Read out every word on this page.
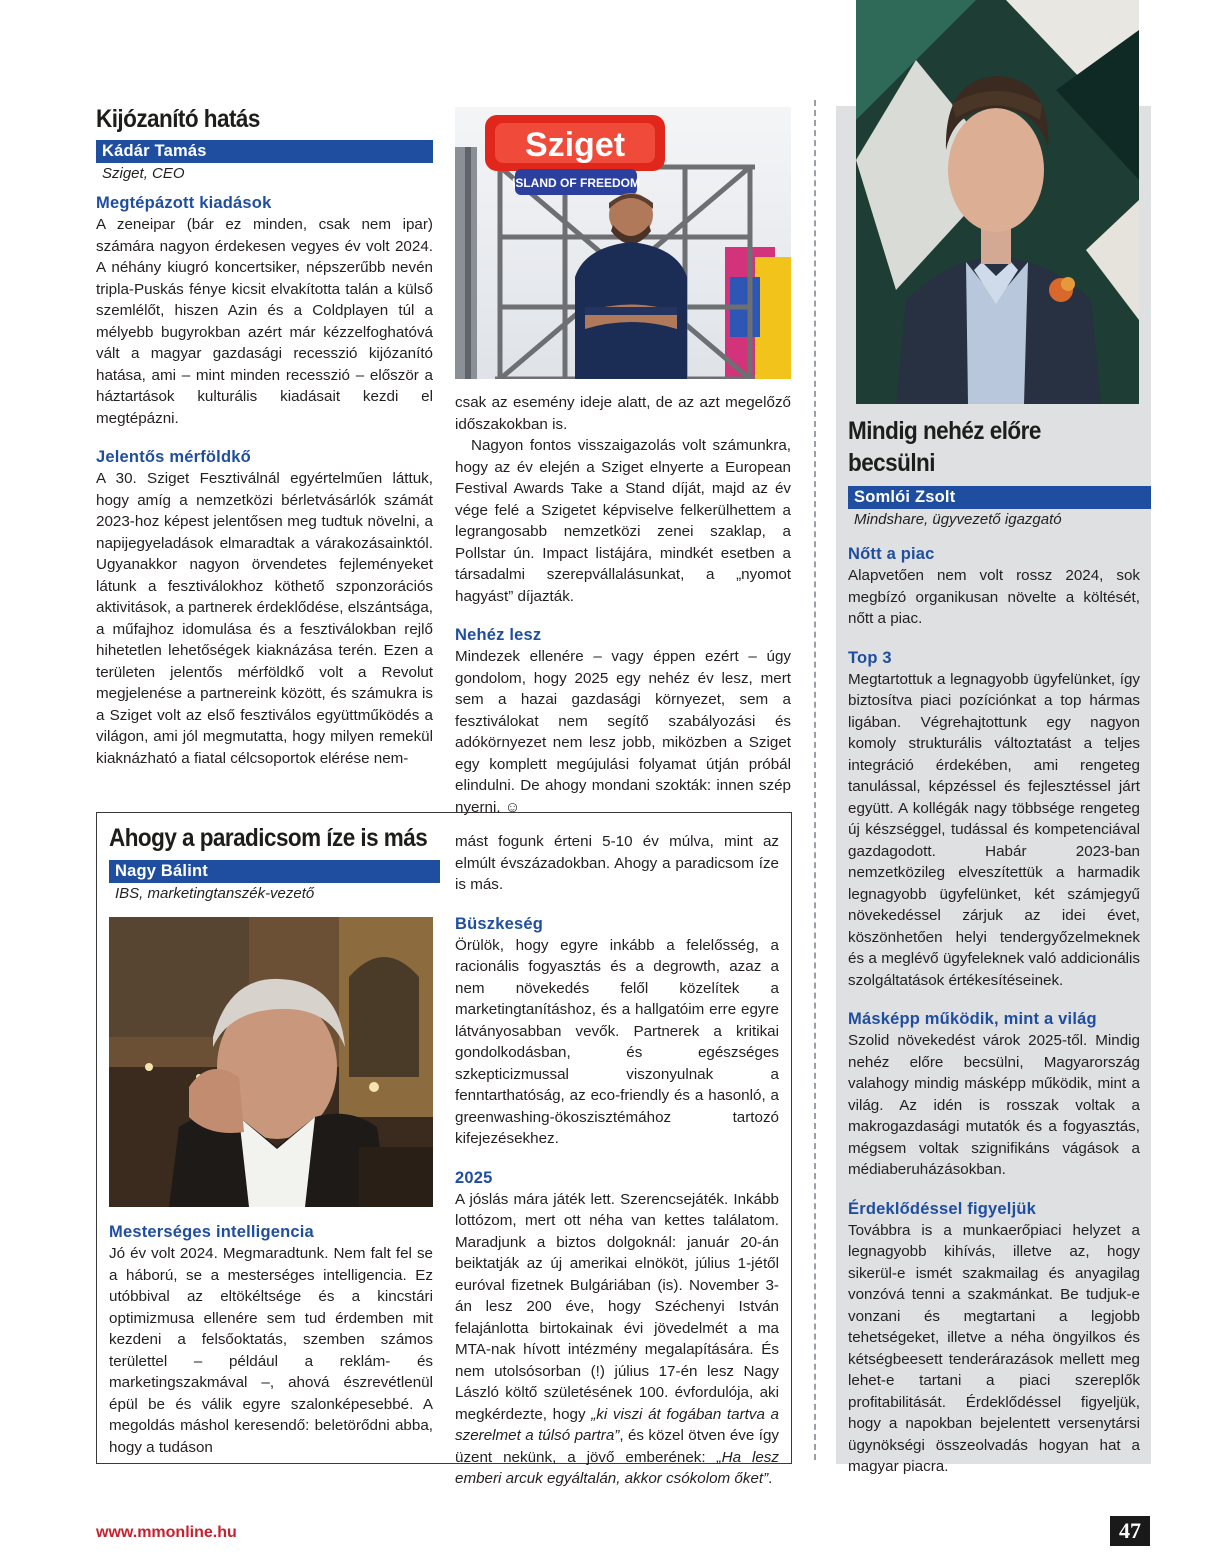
Kijózanító hatás
Kádár Tamás
Sziget, CEO
Megtépázott kiadások
A zeneipar (bár ez minden, csak nem ipar) számára nagyon érdekesen vegyes év volt 2024. A néhány kiugró koncertsiker, népszerűbb nevén tripla-Puskás fénye kicsit elvakította talán a külső szemlélőt, hiszen Azin és a Coldplayen túl a mélyebb bugyrokban azért már kézzelfoghatóvá vált a magyar gazdasági recesszió kijózanító hatása, ami – mint minden recesszió – először a háztartások kulturális kiadásait kezdi el megtépázni.
Jelentős mérföldkő
A 30. Sziget Fesztiválnál egyértelműen láttuk, hogy amíg a nemzetközi bérletvásárlók számát 2023-hoz képest jelentősen meg tudtuk növelni, a napijegyeladások elmaradtak a várakozásainktól. Ugyanakkor nagyon örvendetes fejleményeket látunk a fesztiválokhoz köthető szponzorációs aktivitások, a partnerek érdeklődése, elszántsága, a műfajhoz idomulása és a fesztiválokban rejlő hihetetlen lehetőségek kiaknázása terén. Ezen a területen jelentős mérföldkő volt a Revolut megjelenése a partnereink között, és számukra is a Sziget volt az első fesztiválos együttműködés a világon, ami jól megmutatta, hogy milyen remekül kiaknázható a fiatal célcsoportok elérése nem-
Sziget
ISLAND OF FREEDOM
csak az esemény ideje alatt, de az azt megelőző időszakokban is.
Nagyon fontos visszaigazolás volt számunkra, hogy az év elején a Sziget elnyerte a European Festival Awards Take a Stand díját, majd az év vége felé a Szigetet képviselve felkerülhettem a legrangosabb nemzetközi zenei szaklap, a Pollstar ún. Impact listájára, mindkét esetben a társadalmi szerepvállalásunkat, a „nyomot hagyást” díjazták.
Nehéz lesz
Mindezek ellenére – vagy éppen ezért – úgy gondolom, hogy 2025 egy nehéz év lesz, mert sem a hazai gazdasági környezet, sem a fesztiválokat nem segítő szabályozási és adókörnyezet nem lesz jobb, miközben a Sziget egy komplett megújulási folyamat útján próbál elindulni. De ahogy mondani szokták: innen szép nyerni. ☺
Ahogy a paradicsom íze is más
Nagy Bálint
IBS, marketingtanszék-vezető
Mesterséges intelligencia
Jó év volt 2024. Megmaradtunk. Nem falt fel se a háború, se a mesterséges intelligencia. Ez utóbbival az eltökéltsége és a kincstári optimizmusa ellenére sem tud érdemben mit kezdeni a felsőoktatás, szemben számos területtel – például a reklám- és marketingszakmával –, ahová észrevétlenül épül be és válik egyre szalonképesebbé. A megoldás máshol keresendő: beletörődni abba, hogy a tudáson
mást fogunk érteni 5-10 év múlva, mint az elmúlt évszázadokban. Ahogy a paradicsom íze is más.
Büszkeség
Örülök, hogy egyre inkább a felelősség, a racionális fogyasztás és a degrowth, azaz a nem növekedés felől közelítek a marketingtanításhoz, és a hallgatóim erre egyre látványosabban vevők. Partnerek a kritikai gondolkodásban, és egészséges szkepticizmussal viszonyulnak a fenntarthatóság, az eco-friendly és a hasonló, a greenwashing-ökoszisztémához tartozó kifejezésekhez.
2025
A jóslás mára játék lett. Szerencsejáték. Inkább lottózom, mert ott néha van kettes találatom. Maradjunk a biztos dolgoknál: január 20-án beiktatják az új amerikai elnököt, július 1-jétől euróval fizetnek Bulgáriában (is). November 3-án lesz 200 éve, hogy Széchenyi István felajánlotta birtokainak évi jövedelmét a ma MTA-nak hívott intézmény megalapítására. És nem utolsósorban (!) július 17-én lesz Nagy László költő születésének 100. évfordulója, aki megkérdezte, hogy „ki viszi át fogában tartva a szerelmet a túlsó partra”, és közel ötven éve így üzent nekünk, a jövő emberének: „Ha lesz emberi arcuk egyáltalán, akkor csókolom őket”.
Mindig nehéz előre
becsülni
Somlói Zsolt
Mindshare, ügyvezető igazgató
Nőtt a piac
Alapvetően nem volt rossz 2024, sok megbízó organikusan növelte a költését, nőtt a piac.
Top 3
Megtartottuk a legnagyobb ügyfelünket, így biztosítva piaci pozíciónkat a top hármas ligában. Végrehajtottunk egy nagyon komoly strukturális változtatást a teljes integráció érdekében, ami rengeteg tanulással, képzéssel és fejlesztéssel járt együtt. A kollégák nagy többsége rengeteg új készséggel, tudással és kompetenciával gazdagodott. Habár 2023-ban nemzetközileg elveszítettük a harmadik legnagyobb ügyfelünket, két számjegyű növekedéssel zárjuk az idei évet, köszönhetően helyi tendergyőzelmeknek és a meglévő ügyfeleknek való addicionális szolgáltatások értékesítéseinek.
Másképp működik, mint a világ
Szolid növekedést várok 2025-től. Mindig nehéz előre becsülni, Magyarország valahogy mindig másképp működik, mint a világ. Az idén is rosszak voltak a makrogazdasági mutatók és a fogyasztás, mégsem voltak szignifikáns vágások a médiaberuházásokban.
Érdeklődéssel figyeljük
Továbbra is a munkaerőpiaci helyzet a legnagyobb kihívás, illetve az, hogy sikerül-e ismét szakmailag és anyagilag vonzóvá tenni a szakmánkat. Be tudjuk-e vonzani és megtartani a legjobb tehetségeket, illetve a néha öngyilkos és kétségbeesett tenderárazások mellett meg lehet-e tartani a piaci szereplők profitabilitását. Érdeklődéssel figyeljük, hogy a napokban bejelentett versenytársi ügynökségi összeolvadás hogyan hat a magyar piacra.
www.mmonline.hu	47
